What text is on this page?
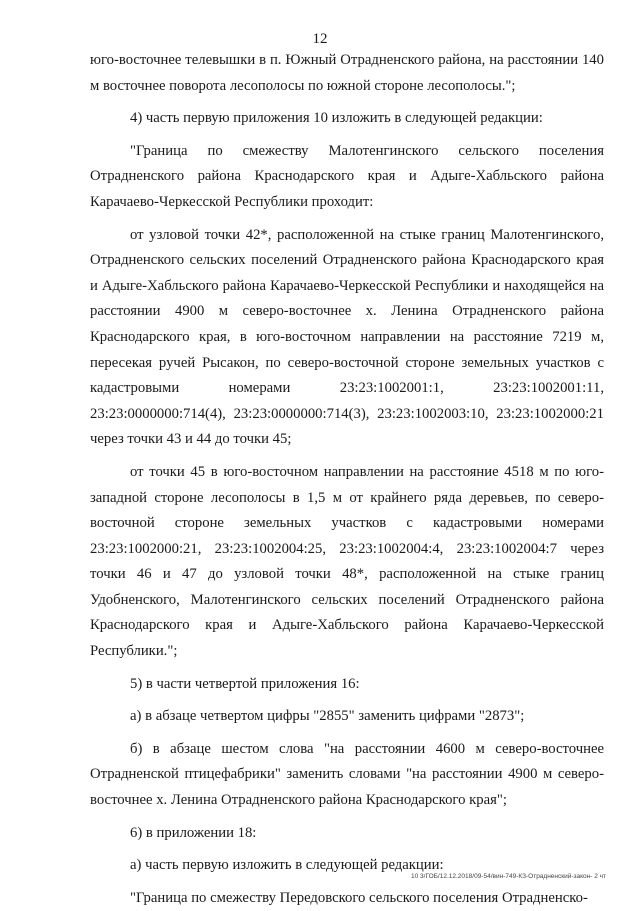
12

юго-восточнее телевышки в п. Южный Отрадненского района, на расстоянии 140 м восточнее поворота лесополосы по южной стороне лесополосы.";

4) часть первую приложения 10 изложить в следующей редакции:

"Граница по смежеству Малотенгинского сельского поселения Отрадненского района Краснодарского края и Адыге-Хабльского района Карачаево-Черкесской Республики проходит:

от узловой точки 42*, расположенной на стыке границ Малотенгинского, Отрадненского сельских поселений Отрадненского района Краснодарского края и Адыге-Хабльского района Карачаево-Черкесской Республики и находящейся на расстоянии 4900 м северо-восточнее х. Ленина Отрадненского района Краснодарского края, в юго-восточном направлении на расстояние 7219 м, пересекая ручей Рысакон, по северо-восточной стороне земельных участков с кадастровыми номерами 23:23:1002001:1, 23:23:1002001:11, 23:23:0000000:714(4), 23:23:0000000:714(3), 23:23:1002003:10, 23:23:1002000:21 через точки 43 и 44 до точки 45;

от точки 45 в юго-восточном направлении на расстояние 4518 м по юго-западной стороне лесополосы в 1,5 м от крайнего ряда деревьев, по северо-восточной стороне земельных участков с кадастровыми номерами 23:23:1002000:21, 23:23:1002004:25, 23:23:1002004:4, 23:23:1002004:7 через точки 46 и 47 до узловой точки 48*, расположенной на стыке границ Удобненского, Малотенгинского сельских поселений Отрадненского района Краснодарского края и Адыге-Хабльского района Карачаево-Черкесской Республики.";

5) в части четвертой приложения 16:

а) в абзаце четвертом цифры "2855" заменить цифрами "2873";

б) в абзаце шестом слова "на расстоянии 4600 м северо-восточнее Отрадненской птицефабрики" заменить словами "на расстоянии 4900 м северо-восточнее х. Ленина Отрадненского района Краснодарского края";

6) в приложении 18:

а) часть первую изложить в следующей редакции:

"Граница по смежеству Передовского сельского поселения Отрадненско-

10 3/ГОБ/12.12.2018/09-54/вин-749-КЗ-Отрадненский-закон- 2 чт
